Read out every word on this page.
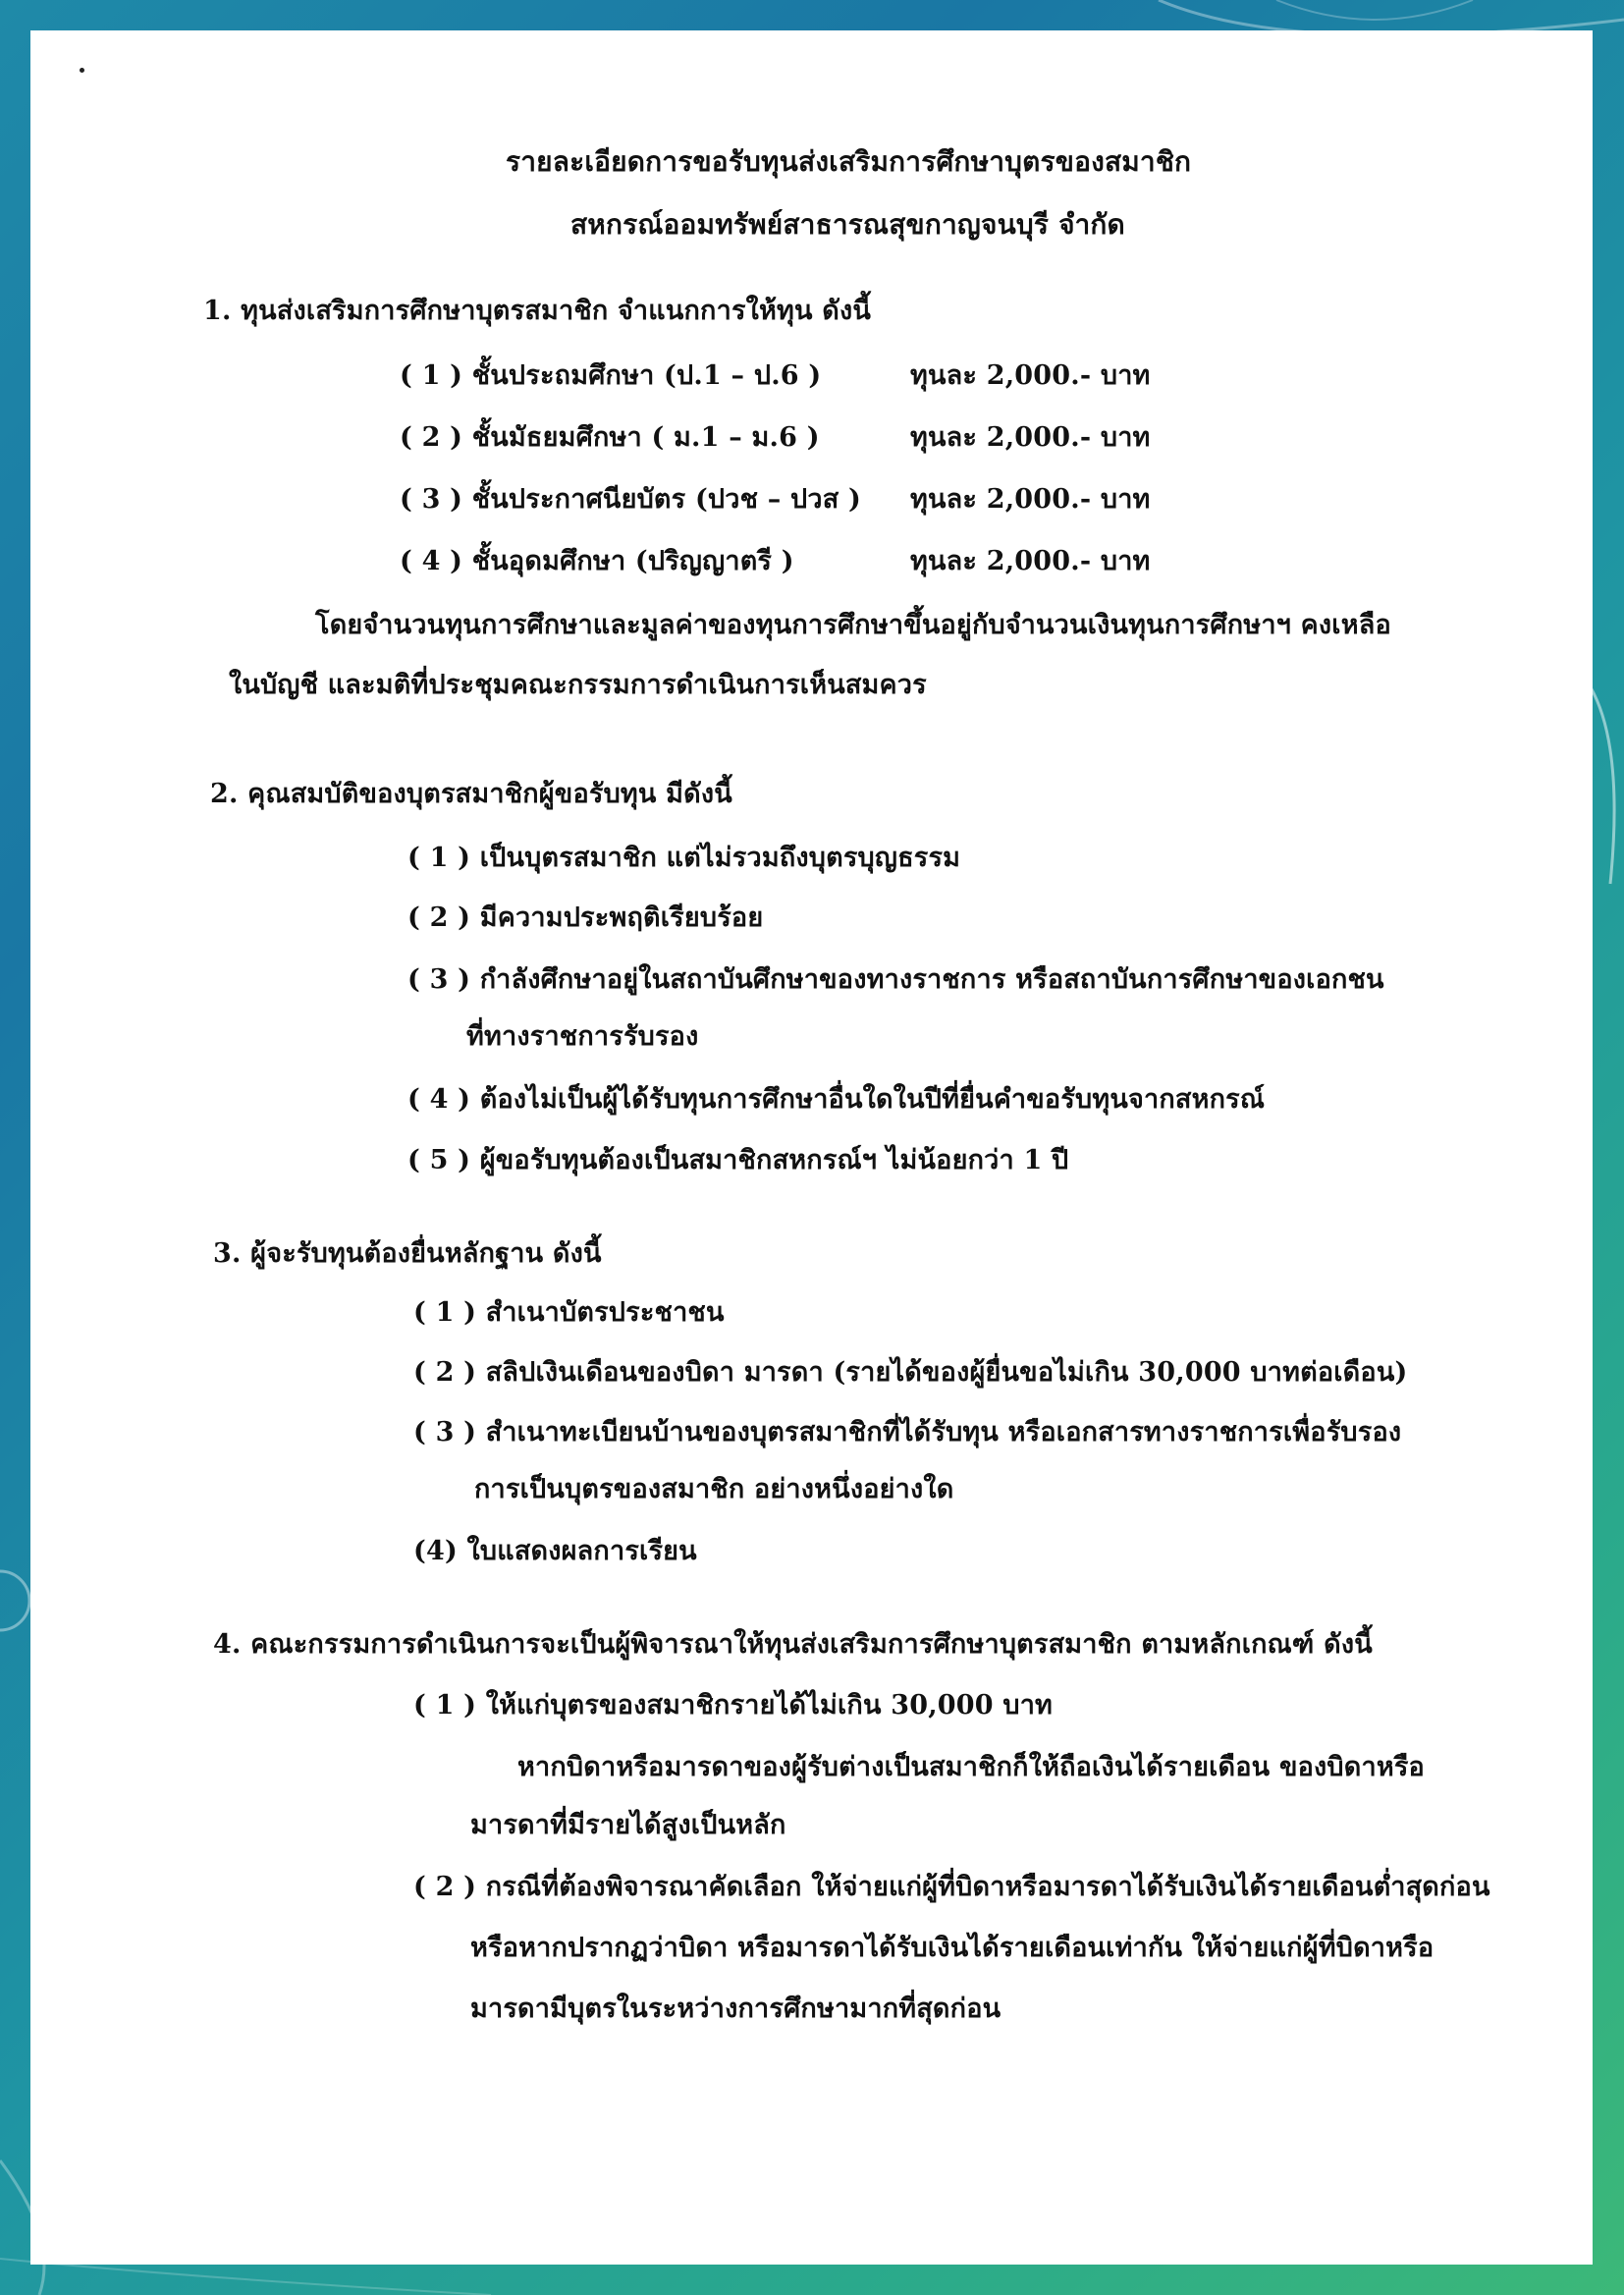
รายละเอียดการขอรับทุนส่งเสริมการศึกษาบุตรของสมาชิก
สหกรณ์ออมทรัพย์สาธารณสุขกาญจนบุรี จำกัด
1. ทุนส่งเสริมการศึกษาบุตรสมาชิก จำแนกการให้ทุน ดังนี้
( 1 ) ชั้นประถมศึกษา (ป.1 – ป.6 )	ทุนละ 2,000.- บาท
( 2 ) ชั้นมัธยมศึกษา ( ม.1 – ม.6 )	ทุนละ 2,000.- บาท
( 3 ) ชั้นประกาศนียบัตร (ปวช – ปวส ) ทุนละ 2,000.- บาท
( 4 ) ชั้นอุดมศึกษา (ปริญญาตรี )	ทุนละ 2,000.- บาท
โดยจำนวนทุนการศึกษาและมูลค่าของทุนการศึกษาขึ้นอยู่กับจำนวนเงินทุนการศึกษาฯ คงเหลือ
ในบัญชี และมติที่ประชุมคณะกรรมการดำเนินการเห็นสมควร
2. คุณสมบัติของบุตรสมาชิกผู้ขอรับทุน มีดังนี้
( 1 ) เป็นบุตรสมาชิก แต่ไม่รวมถึงบุตรบุญธรรม
( 2 ) มีความประพฤติเรียบร้อย
( 3 ) กำลังศึกษาอยู่ในสถาบันศึกษาของทางราชการ หรือสถาบันการศึกษาของเอกชน
ที่ทางราชการรับรอง
( 4 ) ต้องไม่เป็นผู้ได้รับทุนการศึกษาอื่นใดในปีที่ยื่นคำขอรับทุนจากสหกรณ์
( 5 ) ผู้ขอรับทุนต้องเป็นสมาชิกสหกรณ์ฯ ไม่น้อยกว่า 1 ปี
3. ผู้จะรับทุนต้องยื่นหลักฐาน ดังนี้
( 1 ) สำเนาบัตรประชาชน
( 2 ) สลิปเงินเดือนของบิดา มารดา (รายได้ของผู้ยื่นขอไม่เกิน 30,000 บาทต่อเดือน)
( 3 ) สำเนาทะเบียนบ้านของบุตรสมาชิกที่ได้รับทุน หรือเอกสารทางราชการเพื่อรับรอง
การเป็นบุตรของสมาชิก อย่างหนึ่งอย่างใด
(4) ใบแสดงผลการเรียน
4. คณะกรรมการดำเนินการจะเป็นผู้พิจารณาให้ทุนส่งเสริมการศึกษาบุตรสมาชิก ตามหลักเกณฑ์ ดังนี้
( 1 ) ให้แก่บุตรของสมาชิกรายได้ไม่เกิน 30,000 บาท
หากบิดาหรือมารดาของผู้รับต่างเป็นสมาชิกก็ให้ถือเงินได้รายเดือน ของบิดาหรือ
มารดาที่มีรายได้สูงเป็นหลัก
( 2 ) กรณีที่ต้องพิจารณาคัดเลือก ให้จ่ายแก่ผู้ที่บิดาหรือมารดาได้รับเงินได้รายเดือนต่ำสุดก่อน
หรือหากปรากฏว่าบิดา หรือมารดาได้รับเงินได้รายเดือนเท่ากัน ให้จ่ายแก่ผู้ที่บิดาหรือ
มารดามีบุตรในระหว่างการศึกษามากที่สุดก่อน
